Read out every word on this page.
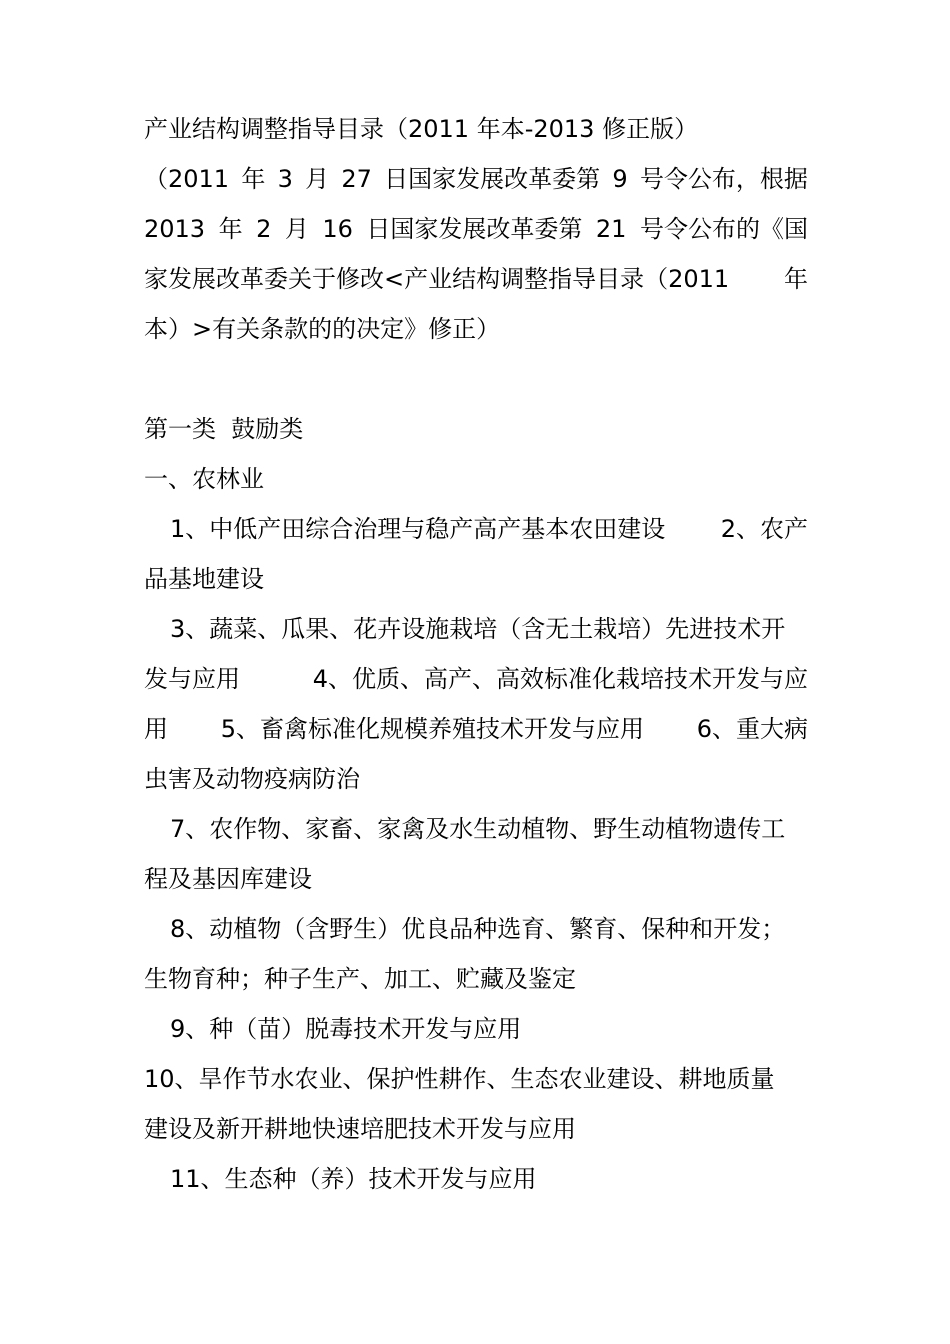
产业结构调整指导目录（2011 年本-2013 修正版）
（2011 年 3 月 27 日国家发展改革委第 9 号令公布，根据
2013 年 2 月 16 日国家发展改革委第 21 号令公布的《国
家发展改革委关于修改<产业结构调整指导目录（2011 年
本）>有关条款的的决定》修正）
第一类  鼓励类
一、农林业
1、中低产田综合治理与稳产高产基本农田建设 2、农产
品基地建设
3、蔬菜、瓜果、花卉设施栽培（含无土栽培）先进技术开
发与应用	4、优质、高产、高效标准化栽培技术开发与应
用 5、畜禽标准化规模养殖技术开发与应用 6、重大病
虫害及动物疫病防治
7、农作物、家畜、家禽及水生动植物、野生动植物遗传工
程及基因库建设
8、动植物（含野生）优良品种选育、繁育、保种和开发；
生物育种；种子生产、加工、贮藏及鉴定
9、种（苗）脱毒技术开发与应用
10、旱作节水农业、保护性耕作、生态农业建设、耕地质量
建设及新开耕地快速培肥技术开发与应用
11、生态种（养）技术开发与应用
